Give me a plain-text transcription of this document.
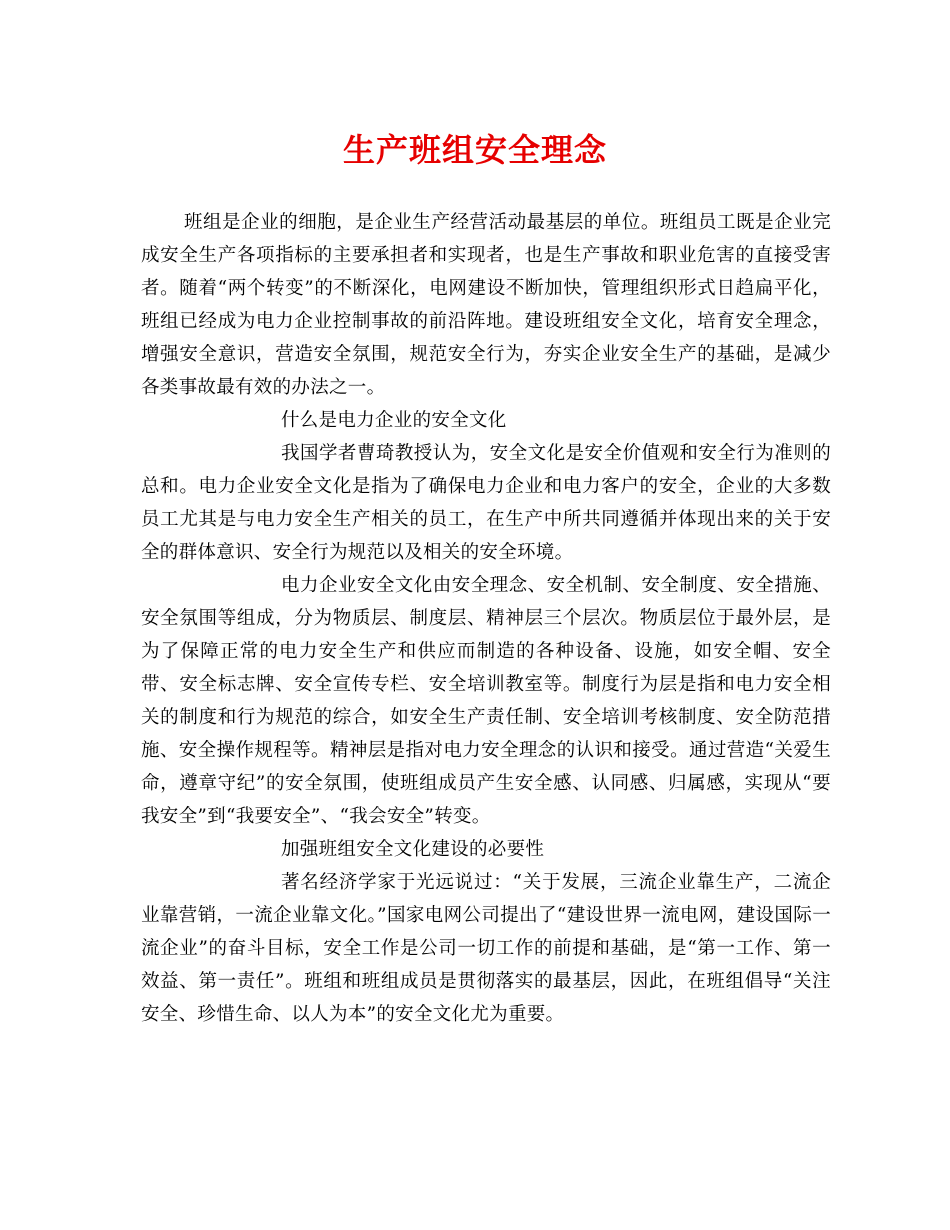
生产班组安全理念

班组是企业的细胞，是企业生产经营活动最基层的单位。班组员工既是企业完成安全生产各项指标的主要承担者和实现者，也是生产事故和职业危害的直接受害者。随着“两个转变”的不断深化，电网建设不断加快，管理组织形式日趋扁平化，班组已经成为电力企业控制事故的前沿阵地。建设班组安全文化，培育安全理念，增强安全意识，营造安全氛围，规范安全行为，夯实企业安全生产的基础，是减少各类事故最有效的办法之一。

什么是电力企业的安全文化

我国学者曹琦教授认为，安全文化是安全价值观和安全行为准则的总和。电力企业安全文化是指为了确保电力企业和电力客户的安全，企业的大多数员工尤其是与电力安全生产相关的员工，在生产中所共同遵循并体现出来的关于安全的群体意识、安全行为规范以及相关的安全环境。

电力企业安全文化由安全理念、安全机制、安全制度、安全措施、安全氛围等组成，分为物质层、制度层、精神层三个层次。物质层位于最外层，是为了保障正常的电力安全生产和供应而制造的各种设备、设施，如安全帽、安全带、安全标志牌、安全宣传专栏、安全培训教室等。制度行为层是指和电力安全相关的制度和行为规范的综合，如安全生产责任制、安全培训考核制度、安全防范措施、安全操作规程等。精神层是指对电力安全理念的认识和接受。通过营造“关爱生命，遵章守纪”的安全氛围，使班组成员产生安全感、认同感、归属感，实现从“要我安全”到“我要安全”、“我会安全”转变。

加强班组安全文化建设的必要性

著名经济学家于光远说过：“关于发展，三流企业靠生产，二流企业靠营销，一流企业靠文化。”国家电网公司提出了“建设世界一流电网，建设国际一流企业”的奋斗目标，安全工作是公司一切工作的前提和基础，是“第一工作、第一效益、第一责任”。班组和班组成员是贯彻落实的最基层，因此，在班组倡导“关注安全、珍惜生命、以人为本”的安全文化尤为重要。
